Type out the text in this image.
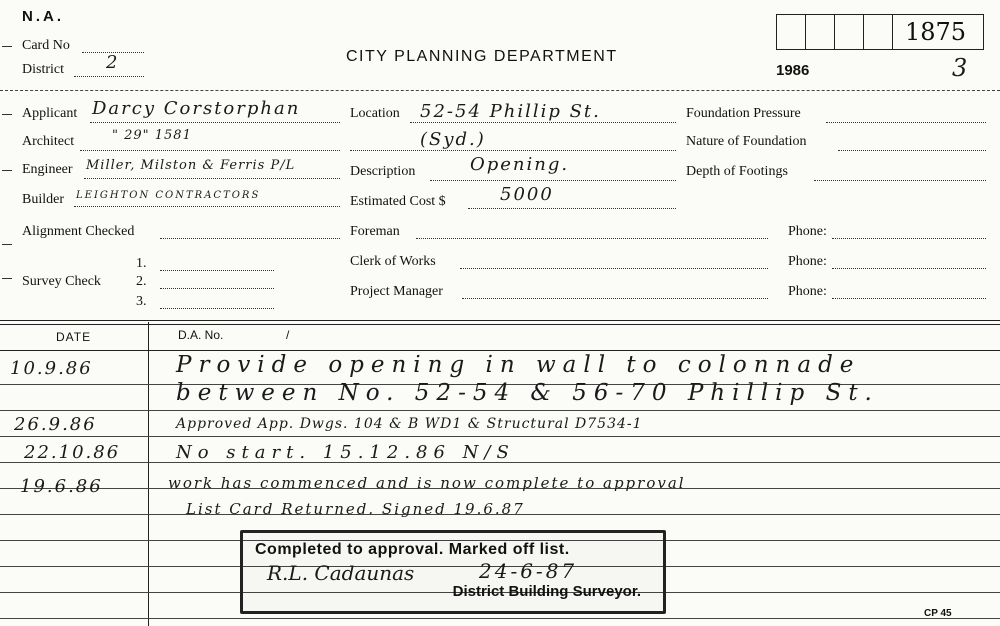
N.A.
Card No
District 2	CITY PLANNING DEPARTMENT
1986
1875
3
Applicant Darcy Corstorphan
Architect	" 29" 1581
Engineer Miller, Milston & Ferris P/L
Builder LEIGHTON CONTRACTORS
Alignment Checked
Survey Check
1.
2.
3.
Location 52-54 Phillip St. (Syd.)
Description	Opening.
Estimated Cost $	5000
Foreman
Clerk of Works
Project Manager
Foundation Pressure
Nature of Foundation
Depth of Footings
Phone:
Phone:
Phone:
DATE	D.A. No.	/
10.9.86	Provide opening in wall to colonnade
between No. 52-54 & 56-70 Phillip St.
26.9.86	Approved App. Dwgs. 104 & B WD1 & Structural D7534-1
22.10.86	No start. 15.12.86 N/S
19.6.86	work has commenced and is now complete to approval
List Card Returned. Signed 19.6.87
Completed to approval. Marked off list.
R.L. Cadaunas	24-6-87
District Building Surveyor.
CP 45
